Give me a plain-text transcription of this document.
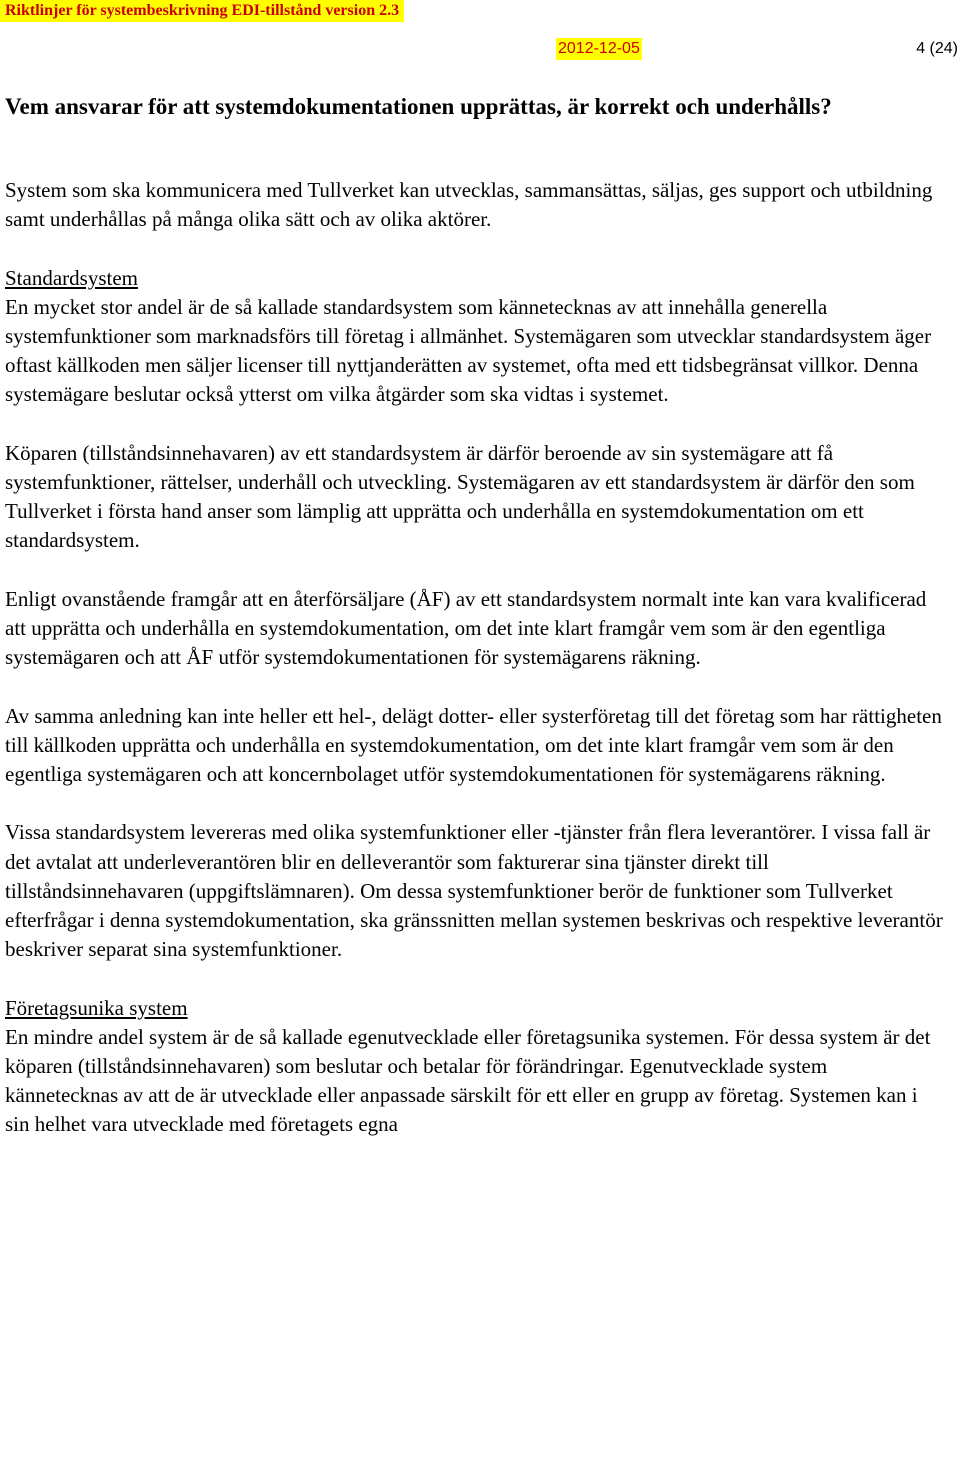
Riktlinjer för systembeskrivning EDI-tillstånd version 2.3
2012-12-05	4 (24)
Vem ansvarar för att systemdokumentationen upprättas, är korrekt och underhålls?

System som ska kommunicera med Tullverket kan utvecklas, sammansättas, säljas, ges support och utbildning samt underhållas på många olika sätt och av olika aktörer.

Standardsystem
En mycket stor andel är de så kallade standardsystem som kännetecknas av att innehålla generella systemfunktioner som marknadsförs till företag i allmänhet. Systemägaren som utvecklar standardsystem äger oftast källkoden men säljer licenser till nyttjanderätten av systemet, ofta med ett tidsbegränsat villkor. Denna systemägare beslutar också ytterst om vilka åtgärder som ska vidtas i systemet.

Köparen (tillståndsinnehavaren) av ett standardsystem är därför beroende av sin systemägare att få systemfunktioner, rättelser, underhåll och utveckling. Systemägaren av ett standardsystem är därför den som Tullverket i första hand anser som lämplig att upprätta och underhålla en systemdokumentation om ett standardsystem.

Enligt ovanstående framgår att en återförsäljare (ÅF) av ett standardsystem normalt inte kan vara kvalificerad att upprätta och underhålla en systemdokumentation, om det inte klart framgår vem som är den egentliga systemägaren och att ÅF utför systemdokumentationen för systemägarens räkning.

Av samma anledning kan inte heller ett hel-, delägt dotter- eller systerföretag till det företag som har rättigheten till källkoden upprätta och underhålla en systemdokumentation, om det inte klart framgår vem som är den egentliga systemägaren och att koncernbolaget utför systemdokumentationen för systemägarens räkning.

Vissa standardsystem levereras med olika systemfunktioner eller -tjänster från flera leverantörer. I vissa fall är det avtalat att underleverantören blir en delleverantör som fakturerar sina tjänster direkt till tillståndsinnehavaren (uppgiftslämnaren). Om dessa systemfunktioner berör de funktioner som Tullverket efterfrågar i denna systemdokumentation, ska gränssnitten mellan systemen beskrivas och respektive leverantör beskriver separat sina systemfunktioner.

Företagsunika system
En mindre andel system är de så kallade egenutvecklade eller företagsunika systemen. För dessa system är det köparen (tillståndsinnehavaren) som beslutar och betalar för förändringar. Egenutvecklade system kännetecknas av att de är utvecklade eller anpassade särskilt för ett eller en grupp av företag. Systemen kan i sin helhet vara utvecklade med företagets egna
